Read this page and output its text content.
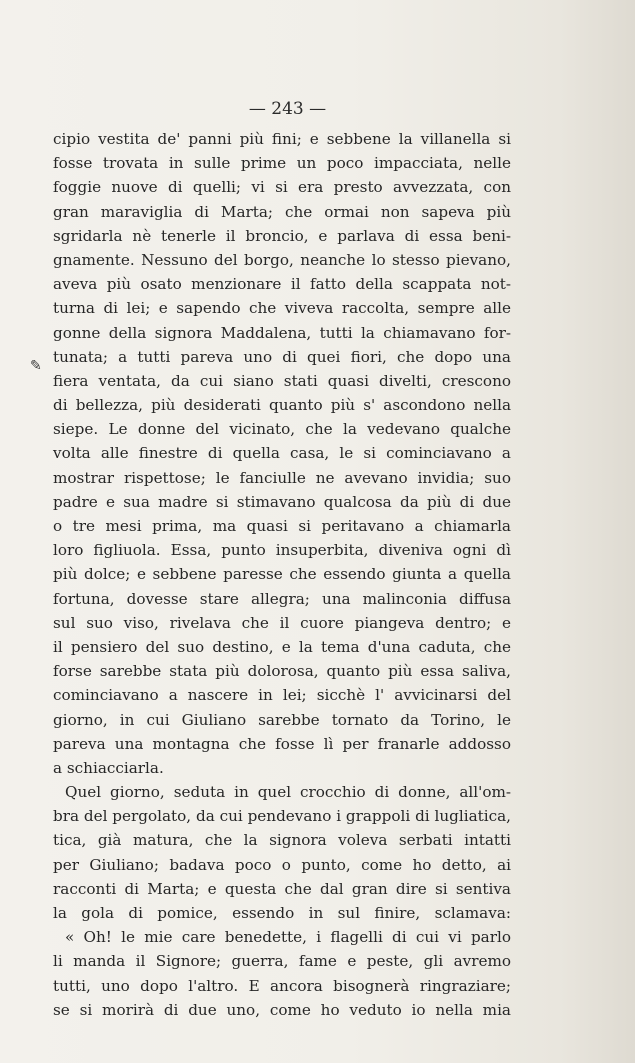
— 243 —
✎
cipio vestita de' panni più fini; e sebbene la villanella si
fosse trovata in sulle prime un poco impacciata, nelle
foggie nuove di quelli; vi si era presto avvezzata, con
gran maraviglia di Marta; che ormai non sapeva più
sgridarla nè tenerle il broncio, e parlava di essa beni-
gnamente. Nessuno del borgo, neanche lo stesso pievano,
aveva più osato menzionare il fatto della scappata not-
turna di lei; e sapendo che viveva raccolta, sempre alle
gonne della signora Maddalena, tutti la chiamavano for-
tunata; a tutti pareva uno di quei fiori, che dopo una
fiera ventata, da cui siano stati quasi divelti, crescono
di bellezza, più desiderati quanto più s' ascondono nella
siepe. Le donne del vicinato, che la vedevano qualche
volta alle finestre di quella casa, le si cominciavano a
mostrar rispettose; le fanciulle ne avevano invidia; suo
padre e sua madre si stimavano qualcosa da più di due
o tre mesi prima, ma quasi si peritavano a chiamarla
loro figliuola. Essa, punto insuperbita, diveniva ogni dì
più dolce; e sebbene paresse che essendo giunta a quella
fortuna, dovesse stare allegra; una malinconia diffusa
sul suo viso, rivelava che il cuore piangeva dentro; e
il pensiero del suo destino, e la tema d'una caduta, che
forse sarebbe stata più dolorosa, quanto più essa saliva,
cominciavano a nascere in lei; sicchè l' avvicinarsi del
giorno, in cui Giuliano sarebbe tornato da Torino, le
pareva una montagna che fosse lì per franarle addosso
a schiacciarla.
Quel giorno, seduta in quel crocchio di donne, all'om-
bra del pergolato, da cui pendevano i grappoli di lugliatica,
tica, già matura, che la signora voleva serbati intatti
per Giuliano; badava poco o punto, come ho detto, ai
racconti di Marta; e questa che dal gran dire si sentiva
la gola di pomice, essendo in sul finire, sclamava:
« Oh! le mie care benedette, i flagelli di cui vi parlo
li manda il Signore; guerra, fame e peste, gli avremo
tutti, uno dopo l'altro. E ancora bisognerà ringraziare;
se si morirà di due uno, come ho veduto io nella mia
